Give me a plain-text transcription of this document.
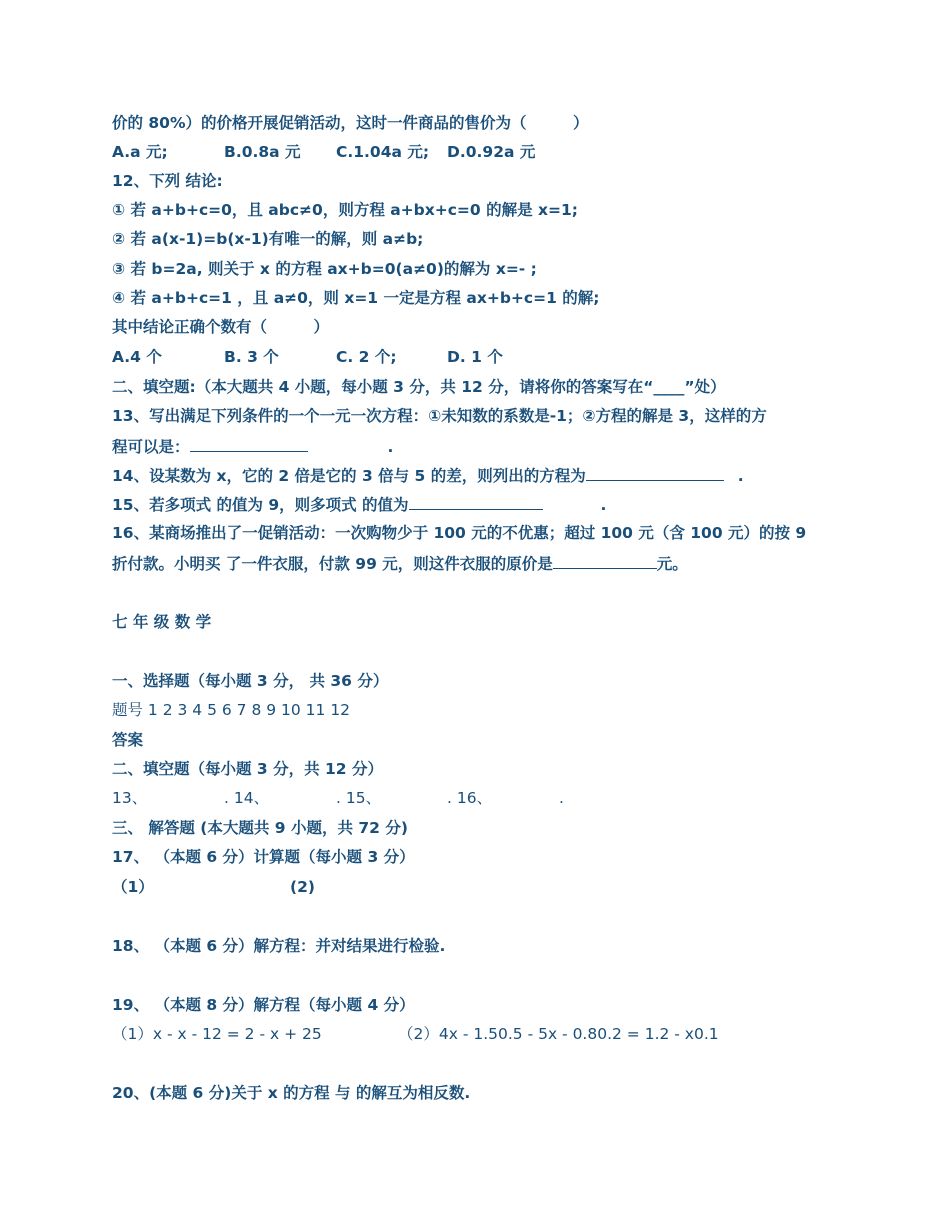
价的 80%）的价格开展促销活动，这时一件商品的售价为（　　　）
A.a 元;	B.0.8a 元 C.1.04a 元; D.0.92a 元
12、下列 结论:
① 若 a+b+c=0，且 abc≠0，则方程 a+bx+c=0 的解是 x=1;
② 若 a(x-1)=b(x-1)有唯一的解，则 a≠b;
③ 若 b=2a, 则关于 x 的方程 ax+b=0(a≠0)的解为 x=- ;
④ 若 a+b+c=1 ，且 a≠0，则 x=1 一定是方程 ax+b+c=1 的解;
其中结论正确个数有（　　　）
A.4 个	B. 3 个	C. 2 个;	D. 1 个
二、填空题:（本大题共 4 小题，每小题 3 分，共 12 分，请将你的答案写在“____”处）
13、写出满足下列条件的一个一元一次方程：①未知数的系数是-1；②方程的解是 3，这样的方
程可以是：	.
14、设某数为 x，它的 2 倍是它的 3 倍与 5 的差，则列出的方程为	.
15、若多项式 的值为 9，则多项式 的值为	.
16、某商场推出了一促销活动：一次购物少于 100 元的不优惠；超过 100 元（含 100 元）的按 9
折付款。小明买 了一件衣服，付款 99 元，则这件衣服的原价是	元。
七 年 级 数 学
一、选择题（每小题 3 分， 共 36 分）
题号 1 2 3 4 5 6 7 8 9 10 11 12
答案
二、填空题（每小题 3 分，共 12 分）
13、	. 14、	. 15、	. 16、	.
三、 解答题 (本大题共 9 小题，共 72 分)
17、 （本题 6 分）计算题（每小题 3 分）
（1）	(2)
18、 （本题 6 分）解方程：并对结果进行检验.
19、 （本题 8 分）解方程（每小题 4 分）
（1）x - x - 12 = 2 - x + 25	（2）4x - 1.50.5 - 5x - 0.80.2 = 1.2 - x0.1
20、(本题 6 分)关于 x 的方程 与 的解互为相反数.
